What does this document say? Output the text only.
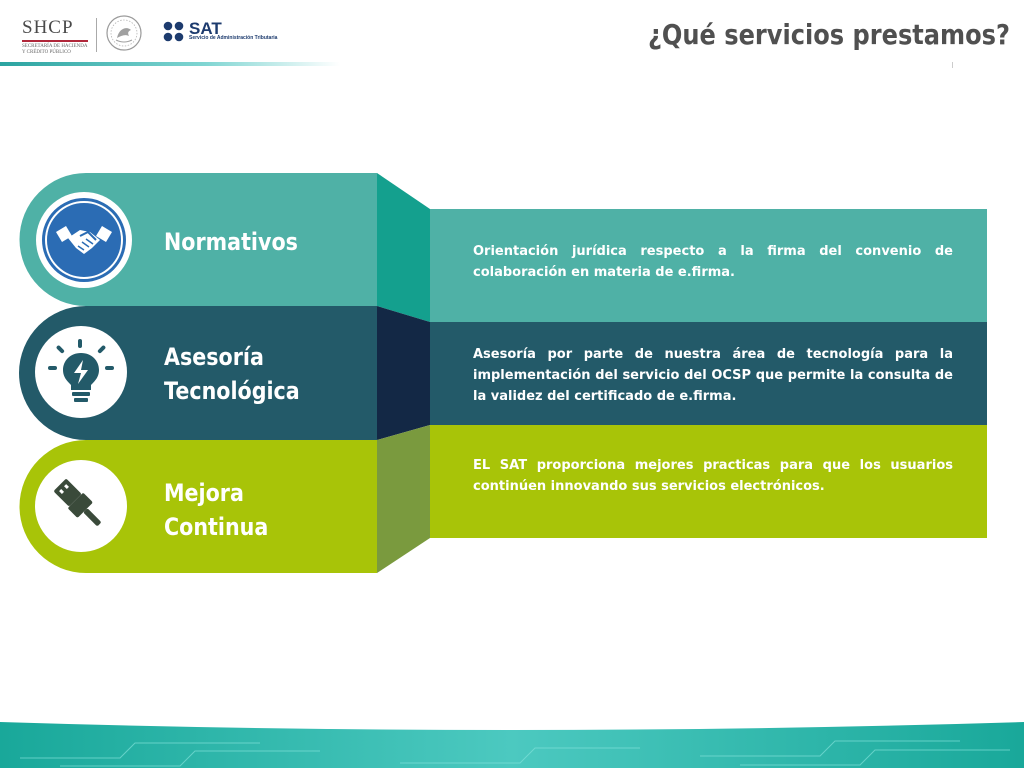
SHCP
SECRETARÍA DE HACIENDA
Y CRÉDITO PÚBLICO
SAT
Servicio de Administración Tributaria	¿Qué servicios prestamos?
Normativos
Asesoría
Tecnológica
Mejora
Continua

Orientación jurídica respecto a la firma del convenio de colaboración en materia de e.firma.

Asesoría por parte de nuestra área de tecnología para la implementación del servicio del OCSP que permite la consulta de la validez del certificado de e.firma.

EL SAT proporciona mejores practicas para que los usuarios continúen innovando sus servicios electrónicos.
